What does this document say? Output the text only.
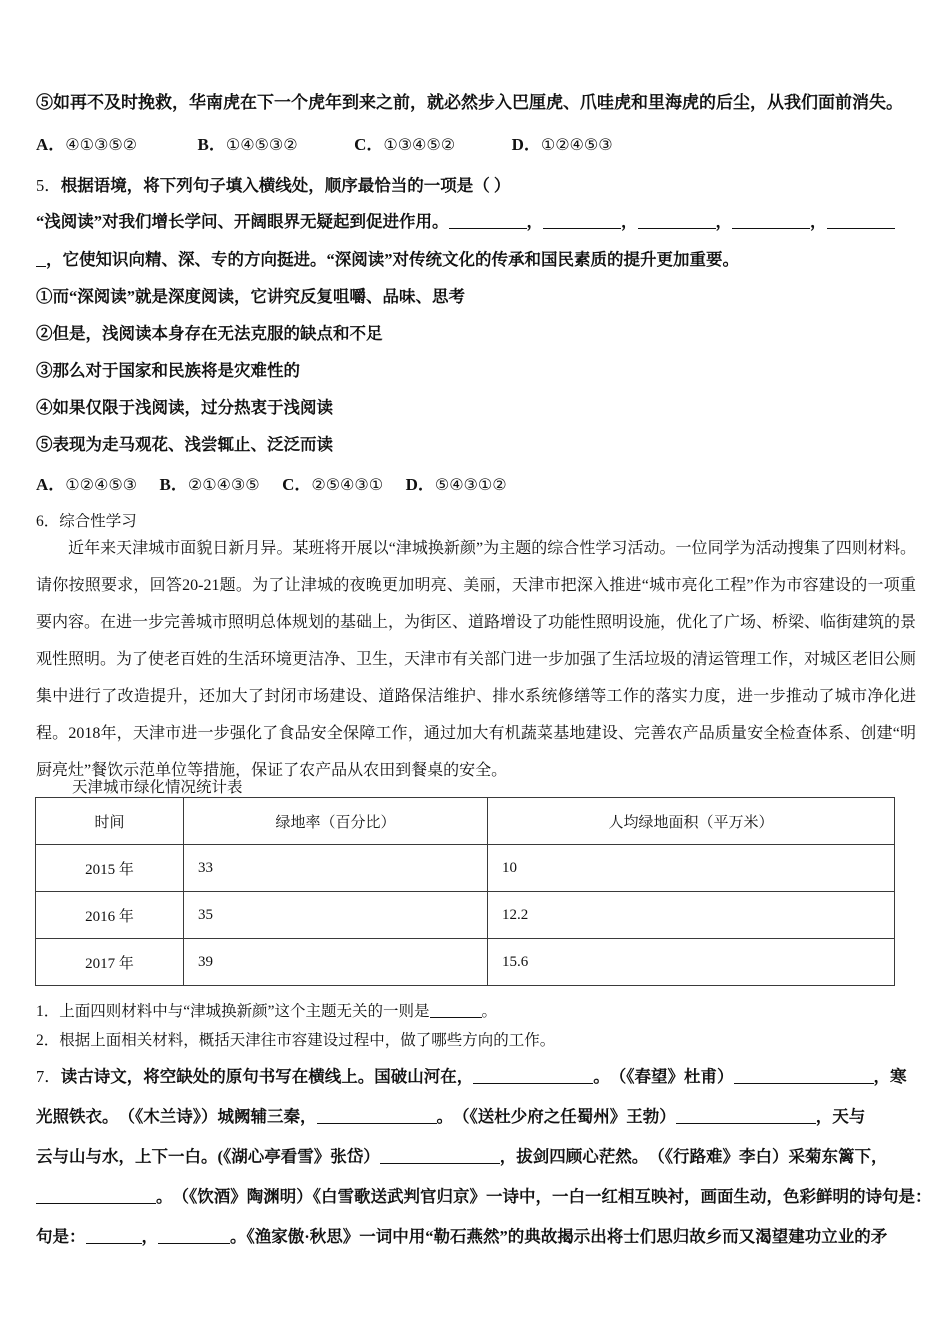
⑤如再不及时挽救，华南虎在下一个虎年到来之前，就必然步入巴厘虎、爪哇虎和里海虎的后尘，从我们面前消失。
A．④①③⑤②	B．①④⑤③②	C．①③④⑤②	D．①②④⑤③
5．根据语境，将下列句子填入横线处，顺序最恰当的一项是（ ）
“浅阅读”对我们增长学问、开阔眼界无疑起到促进作用。	，	，	，	，
，它使知识向精、深、专的方向挺进。“深阅读”对传统文化的传承和国民素质的提升更加重要。
①而“深阅读”就是深度阅读，它讲究反复咀嚼、品味、思考
②但是，浅阅读本身存在无法克服的缺点和不足
③那么对于国家和民族将是灾难性的
④如果仅限于浅阅读，过分热衷于浅阅读
⑤表现为走马观花、浅尝辄止、泛泛而读
A．①②④⑤③ B．②①④③⑤ C．②⑤④③① D．⑤④③①②
6．综合性学习
近年来天津城市面貌日新月异。某班将开展以“津城换新颜”为主题的综合性学习活动。一位同学为活动搜集了四则材料。请你按照要求，回答20-21题。为了让津城的夜晚更加明亮、美丽，天津市把深入推进“城市亮化工程”作为市容建设的一项重要内容。在进一步完善城市照明总体规划的基础上，为街区、道路增设了功能性照明设施，优化了广场、桥梁、临街建筑的景观性照明。为了使老百姓的生活环境更洁净、卫生，天津市有关部门进一步加强了生活垃圾的清运管理工作，对城区老旧公厕集中进行了改造提升，还加大了封闭市场建设、道路保洁维护、排水系统修缮等工作的落实力度，进一步推动了城市净化进程。2018年，天津市进一步强化了食品安全保障工作，通过加大有机蔬菜基地建设、完善农产品质量安全检查体系、创建“明厨亮灶”餐饮示范单位等措施，保证了农产品从农田到餐桌的安全。
天津城市绿化情况统计表
时间	绿地率（百分比）	人均绿地面积（平万米）
2015 年	33	10
2016 年	35	12.2
2017 年	39	15.6
1．上面四则材料中与“津城换新颜”这个主题无关的一则是	。
2．根据上面相关材料，概括天津往市容建设过程中，做了哪些方向的工作。
7．读古诗文，将空缺处的原句书写在横线上。国破山河在，	。　（《春望》杜甫）	，寒
光照铁衣。　（《木兰诗》）城阙辅三秦，	。　（《送杜少府之任蜀州》王勃）	，天与
云与山与水，上下一白。(《湖心亭看雪》张岱）	，拔剑四顾心茫然。　（《行路难》李白）采菊东篱下，
。　（《饮酒》陶渊明）《白雪歌送武判官归京》一诗中，一白一红相互映衬，画面生动，色彩鲜明的诗句是：
句是：	，	。《渔家傲·秋思》一词中用“勒石燕然”的典故揭示出将士们思归故乡而又渴望建功立业的矛
